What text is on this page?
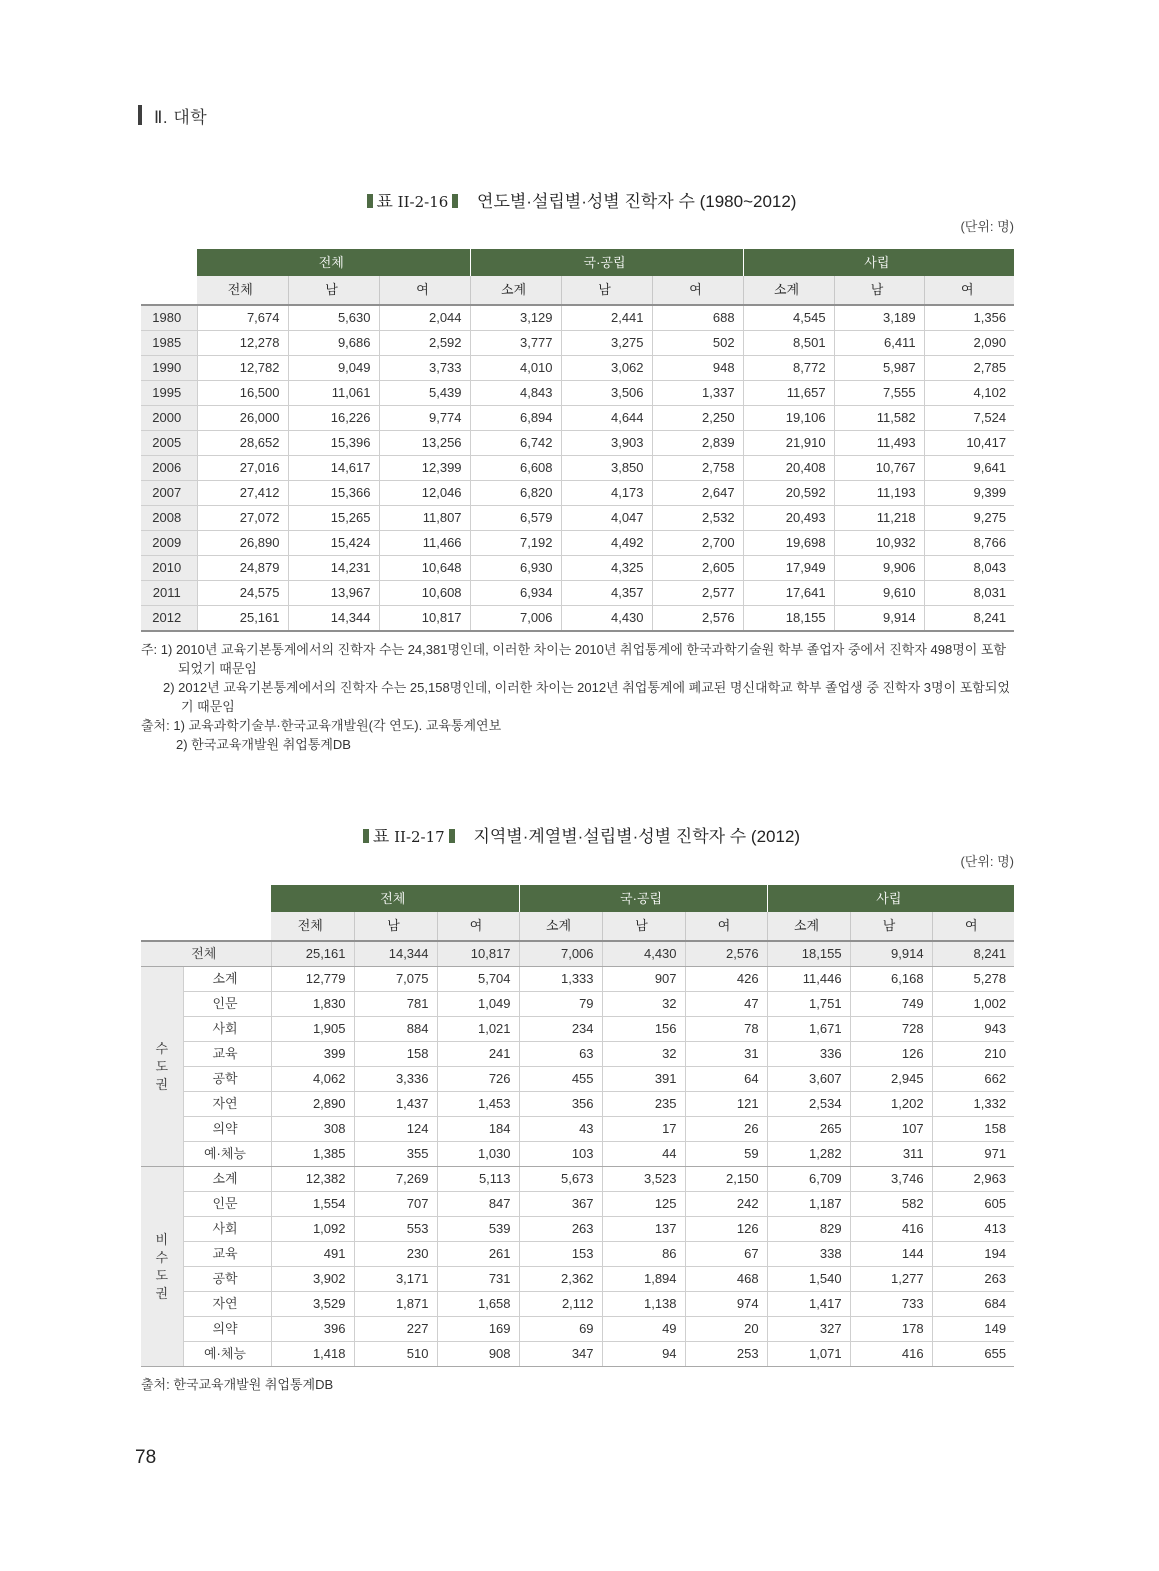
Ⅱ. 대학
표 II-2-16 연도별·설립별·성별 진학자 수 (1980~2012)
(단위: 명)
	전체			국·공립			사립		
	전체	남	여	소계	남	여	소계	남	여
1980	7,674	5,630	2,044	3,129	2,441	688	4,545	3,189	1,356
1985	12,278	9,686	2,592	3,777	3,275	502	8,501	6,411	2,090
1990	12,782	9,049	3,733	4,010	3,062	948	8,772	5,987	2,785
1995	16,500	11,061	5,439	4,843	3,506	1,337	11,657	7,555	4,102
2000	26,000	16,226	9,774	6,894	4,644	2,250	19,106	11,582	7,524
2005	28,652	15,396	13,256	6,742	3,903	2,839	21,910	11,493	10,417
2006	27,016	14,617	12,399	6,608	3,850	2,758	20,408	10,767	9,641
2007	27,412	15,366	12,046	6,820	4,173	2,647	20,592	11,193	9,399
2008	27,072	15,265	11,807	6,579	4,047	2,532	20,493	11,218	9,275
2009	26,890	15,424	11,466	7,192	4,492	2,700	19,698	10,932	8,766
2010	24,879	14,231	10,648	6,930	4,325	2,605	17,949	9,906	8,043
2011	24,575	13,967	10,608	6,934	4,357	2,577	17,641	9,610	8,031
2012	25,161	14,344	10,817	7,006	4,430	2,576	18,155	9,914	8,241
주: 1) 2010년 교육기본통계에서의 진학자 수는 24,381명인데, 이러한 차이는 2010년 취업통계에 한국과학기술원 학부 졸업자 중에서 진학자 498명이 포함
되었기 때문임
2) 2012년 교육기본통계에서의 진학자 수는 25,158명인데, 이러한 차이는 2012년 취업통계에 폐교된 명신대학교 학부 졸업생 중 진학자 3명이 포함되었
기 때문임
출처: 1) 교육과학기술부·한국교육개발원(각 연도). 교육통계연보
2) 한국교육개발원 취업통계DB
표 II-2-17 지역별·계열별·설립별·성별 진학자 수 (2012)
(단위: 명)
		전체			국·공립			사립		
		전체	남	여	소계	남	여	소계	남	여
전체		25,161	14,344	10,817	7,006	4,430	2,576	18,155	9,914	8,241

수도권	소계	12,779	7,075	5,704	1,333	907	426	11,446	6,168	5,278
	인문	1,830	781	1,049	79	32	47	1,751	749	1,002
	사회	1,905	884	1,021	234	156	78	1,671	728	943
	교육	399	158	241	63	32	31	336	126	210
	공학	4,062	3,336	726	455	391	64	3,607	2,945	662
	자연	2,890	1,437	1,453	356	235	121	2,534	1,202	1,332
	의약	308	124	184	43	17	26	265	107	158
	예·체능	1,385	355	1,030	103	44	59	1,282	311	971

비수도권	소계	12,382	7,269	5,113	5,673	3,523	2,150	6,709	3,746	2,963
	인문	1,554	707	847	367	125	242	1,187	582	605
	사회	1,092	553	539	263	137	126	829	416	413
	교육	491	230	261	153	86	67	338	144	194
	공학	3,902	3,171	731	2,362	1,894	468	1,540	1,277	263
	자연	3,529	1,871	1,658	2,112	1,138	974	1,417	733	684
	의약	396	227	169	69	49	20	327	178	149
	예·체능	1,418	510	908	347	94	253	1,071	416	655
출처: 한국교육개발원 취업통계DB
78
